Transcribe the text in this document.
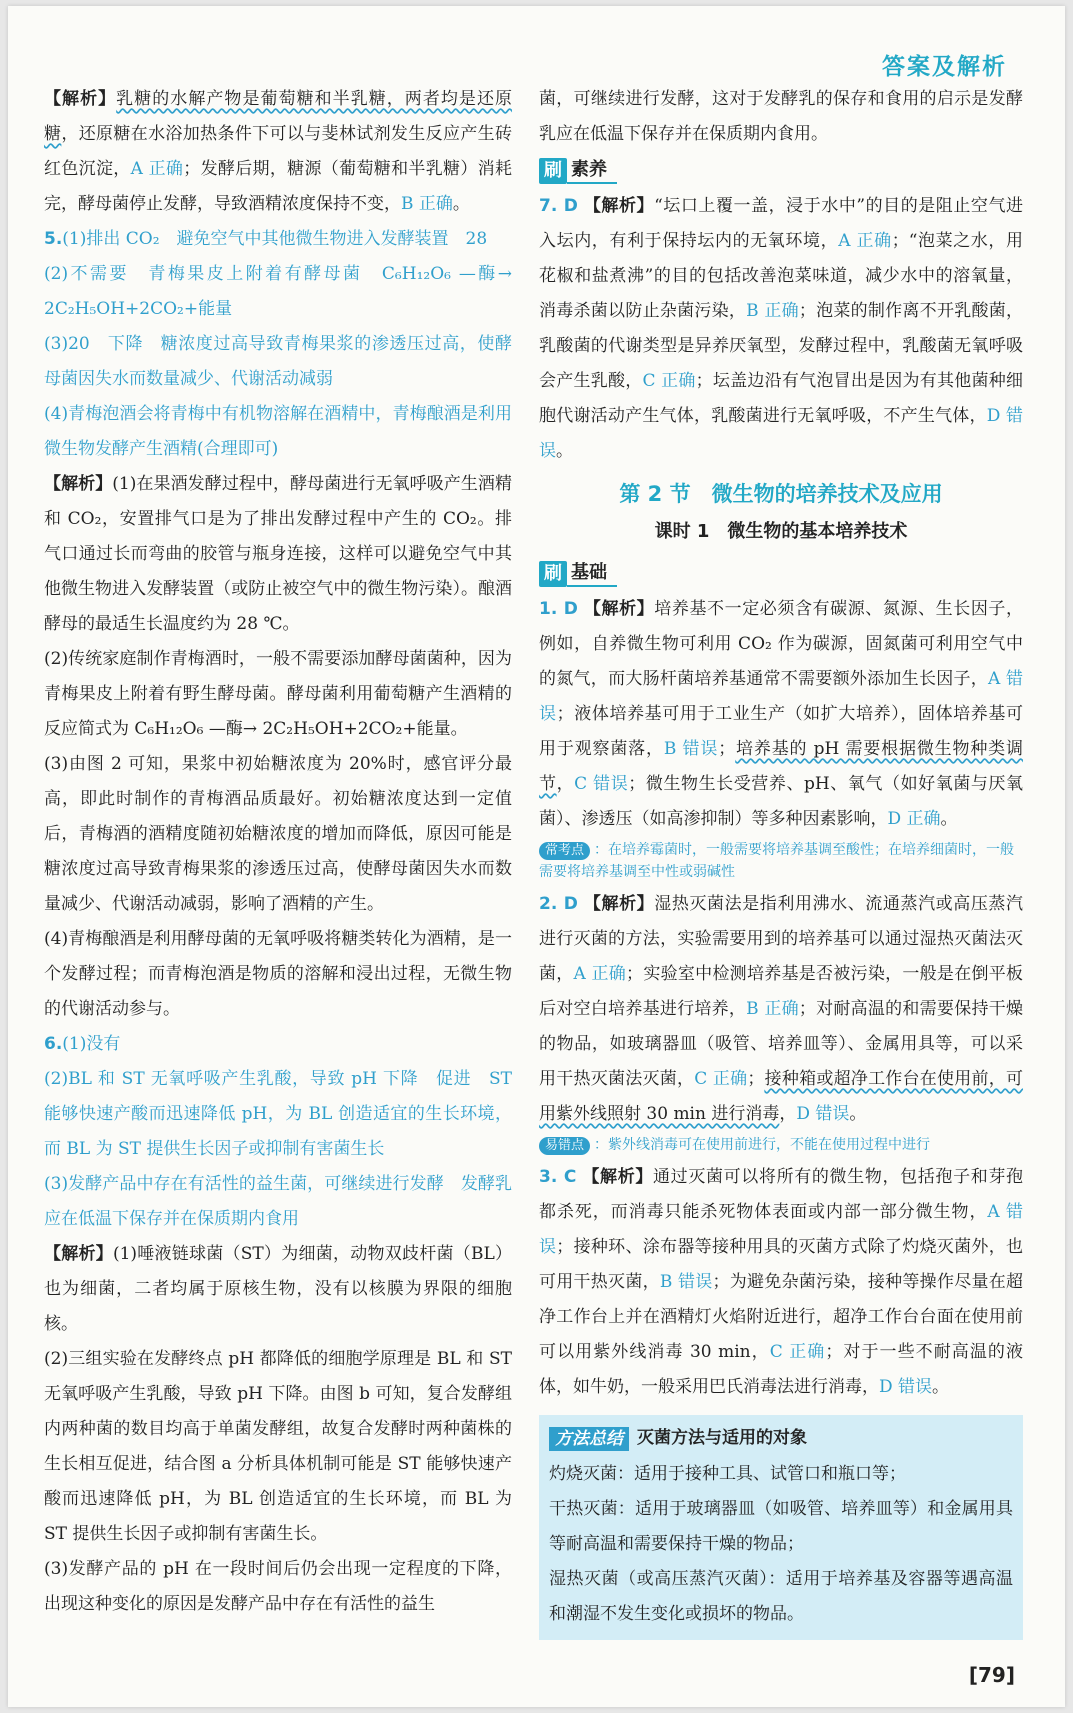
答案及解析

【解析】乳糖的水解产物是葡萄糖和半乳糖，两者均是还原糖，还原糖在水浴加热条件下可以与斐林试剂发生反应产生砖红色沉淀，A 正确；发酵后期，糖源（葡萄糖和半乳糖）消耗完，酵母菌停止发酵，导致酒精浓度保持不变，B 正确。

5.(1)排出 CO₂　避免空气中其他微生物进入发酵装置　28

(2)不需要　青梅果皮上附着有酵母菌　C₆H₁₂O₆ —酶→ 2C₂H₅OH+2CO₂+能量

(3)20　下降　糖浓度过高导致青梅果浆的渗透压过高，使酵母菌因失水而数量减少、代谢活动减弱

(4)青梅泡酒会将青梅中有机物溶解在酒精中，青梅酿酒是利用微生物发酵产生酒精(合理即可)

【解析】(1)在果酒发酵过程中，酵母菌进行无氧呼吸产生酒精和 CO₂，安置排气口是为了排出发酵过程中产生的 CO₂。排气口通过长而弯曲的胶管与瓶身连接，这样可以避免空气中其他微生物进入发酵装置（或防止被空气中的微生物污染）。酿酒酵母的最适生长温度约为 28 ℃。

(2)传统家庭制作青梅酒时，一般不需要添加酵母菌菌种，因为青梅果皮上附着有野生酵母菌。酵母菌利用葡萄糖产生酒精的反应简式为 C₆H₁₂O₆ —酶→ 2C₂H₅OH+2CO₂+能量。

(3)由图 2 可知，果浆中初始糖浓度为 20%时，感官评分最高，即此时制作的青梅酒品质最好。初始糖浓度达到一定值后，青梅酒的酒精度随初始糖浓度的增加而降低，原因可能是糖浓度过高导致青梅果浆的渗透压过高，使酵母菌因失水而数量减少、代谢活动减弱，影响了酒精的产生。

(4)青梅酿酒是利用酵母菌的无氧呼吸将糖类转化为酒精，是一个发酵过程；而青梅泡酒是物质的溶解和浸出过程，无微生物的代谢活动参与。

6.(1)没有

(2)BL 和 ST 无氧呼吸产生乳酸，导致 pH 下降　促进　ST 能够快速产酸而迅速降低 pH，为 BL 创造适宜的生长环境，而 BL 为 ST 提供生长因子或抑制有害菌生长

(3)发酵产品中存在有活性的益生菌，可继续进行发酵　发酵乳应在低温下保存并在保质期内食用

【解析】(1)唾液链球菌（ST）为细菌，动物双歧杆菌（BL）也为细菌，二者均属于原核生物，没有以核膜为界限的细胞核。

(2)三组实验在发酵终点 pH 都降低的细胞学原理是 BL 和 ST 无氧呼吸产生乳酸，导致 pH 下降。由图 b 可知，复合发酵组内两种菌的数目均高于单菌发酵组，故复合发酵时两种菌株的生长相互促进，结合图 a 分析具体机制可能是 ST 能够快速产酸而迅速降低 pH，为 BL 创造适宜的生长环境，而 BL 为 ST 提供生长因子或抑制有害菌生长。

(3)发酵产品的 pH 在一段时间后仍会出现一定程度的下降，出现这种变化的原因是发酵产品中存在有活性的益生

菌，可继续进行发酵，这对于发酵乳的保存和食用的启示是发酵乳应在低温下保存并在保质期内食用。

刷 素养

7. D 【解析】“坛口上覆一盖，浸于水中”的目的是阻止空气进入坛内，有利于保持坛内的无氧环境，A 正确；“泡菜之水，用花椒和盐煮沸”的目的包括改善泡菜味道，减少水中的溶氧量，消毒杀菌以防止杂菌污染，B 正确；泡菜的制作离不开乳酸菌，乳酸菌的代谢类型是异养厌氧型，发酵过程中，乳酸菌无氧呼吸会产生乳酸，C 正确；坛盖边沿有气泡冒出是因为有其他菌种细胞代谢活动产生气体，乳酸菌进行无氧呼吸，不产生气体，D 错误。

第 2 节　微生物的培养技术及应用
课时 1　微生物的基本培养技术
刷 基础

1. D 【解析】培养基不一定必须含有碳源、氮源、生长因子，例如，自养微生物可利用 CO₂ 作为碳源，固氮菌可利用空气中的氮气，而大肠杆菌培养基通常不需要额外添加生长因子，A 错误；液体培养基可用于工业生产（如扩大培养），固体培养基可用于观察菌落，B 错误；培养基的 pH 需要根据微生物种类调节，C 错误；微生物生长受营养、pH、氧气（如好氧菌与厌氧菌）、渗透压（如高渗抑制）等多种因素影响，D 正确。

常考点 ：在培养霉菌时，一般需要将培养基调至酸性；在培养细菌时，一般需要将培养基调至中性或弱碱性

2. D 【解析】湿热灭菌法是指利用沸水、流通蒸汽或高压蒸汽进行灭菌的方法，实验需要用到的培养基可以通过湿热灭菌法灭菌，A 正确；实验室中检测培养基是否被污染，一般是在倒平板后对空白培养基进行培养，B 正确；对耐高温的和需要保持干燥的物品，如玻璃器皿（吸管、培养皿等）、金属用具等，可以采用干热灭菌法灭菌，C 正确；接种箱或超净工作台在使用前，可用紫外线照射 30 min 进行消毒，D 错误。

易错点 ：紫外线消毒可在使用前进行，不能在使用过程中进行

3. C 【解析】通过灭菌可以将所有的微生物，包括孢子和芽孢都杀死，而消毒只能杀死物体表面或内部一部分微生物，A 错误；接种环、涂布器等接种用具的灭菌方式除了灼烧灭菌外，也可用干热灭菌，B 错误；为避免杂菌污染，接种等操作尽量在超净工作台上并在酒精灯火焰附近进行，超净工作台台面在使用前可以用紫外线消毒 30 min，C 正确；对于一些不耐高温的液体，如牛奶，一般采用巴氏消毒法进行消毒，D 错误。

方法总结 灭菌方法与适用的对象

灼烧灭菌：适用于接种工具、试管口和瓶口等；

干热灭菌：适用于玻璃器皿（如吸管、培养皿等）和金属用具等耐高温和需要保持干燥的物品；

湿热灭菌（或高压蒸汽灭菌）：适用于培养基及容器等遇高温和潮湿不发生变化或损坏的物品。

[79]
